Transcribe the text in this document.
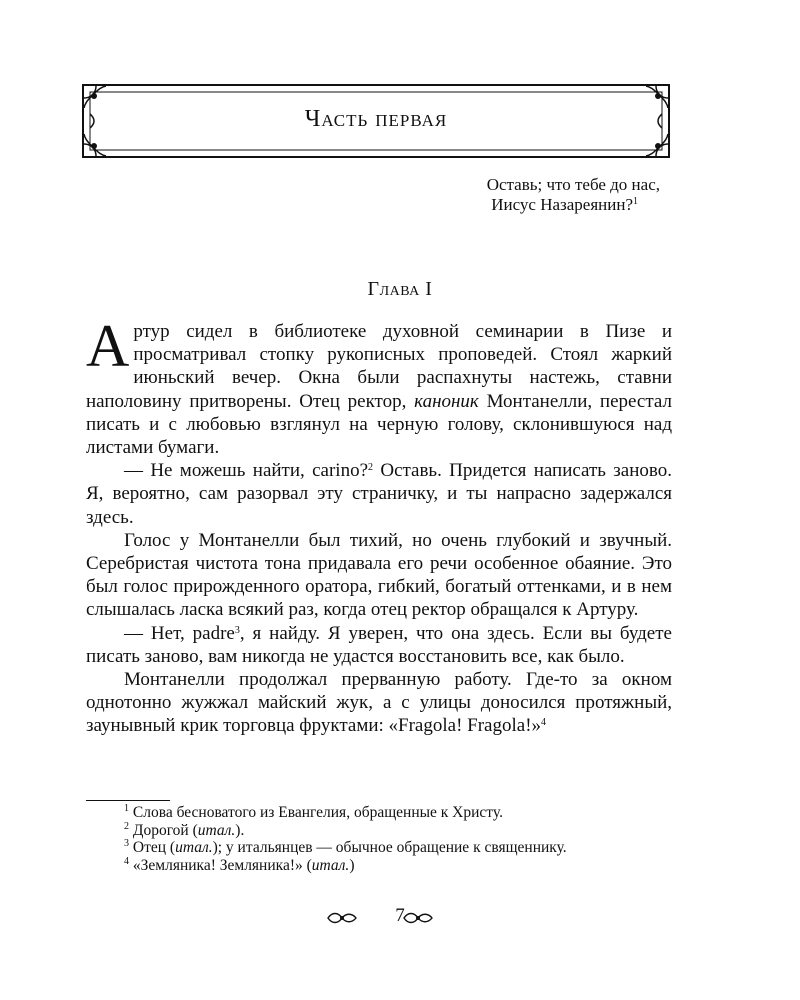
Часть первая
Оставь; что тебе до нас,
Иисус Назареянин?$^1$
Глава I

Артур сидел в библиотеке духовной семинарии в Пизе и просматривал стопку рукописных проповедей. Стоял жаркий июньский вечер. Окна были распахнуты настежь, ставни наполовину притворены. Отец ректор, каноник Монтанелли, перестал писать и с любовью взглянул на черную голову, склонившуюся над листами бумаги.

— Не можешь найти, carino?$^2$ Оставь. Придется написать заново. Я, вероятно, сам разорвал эту страничку, и ты напрасно задержался здесь.

Голос у Монтанелли был тихий, но очень глубокий и звучный. Серебристая чистота тона придавала его речи особенное обаяние. Это был голос прирожденного оратора, гибкий, богатый оттенками, и в нем слышалась ласка всякий раз, когда отец ректор обращался к Артуру.

— Нет, padre$^3$, я найду. Я уверен, что она здесь. Если вы будете писать заново, вам никогда не удастся восстановить все, как было.

Монтанелли продолжал прерванную работу. Где-то за окном однотонно жужжал майский жук, а с улицы доносился протяжный, заунывный крик торговца фруктами: «Fragola! Fragola!»$^4$

$^1$ Слова бесноватого из Евангелия, обращенные к Христу.
$^2$ Дорогой (итал.).
$^3$ Отец (итал.); у итальянцев — обычное обращение к священнику.
$^4$ «Земляника! Земляника!» (итал.)
7
